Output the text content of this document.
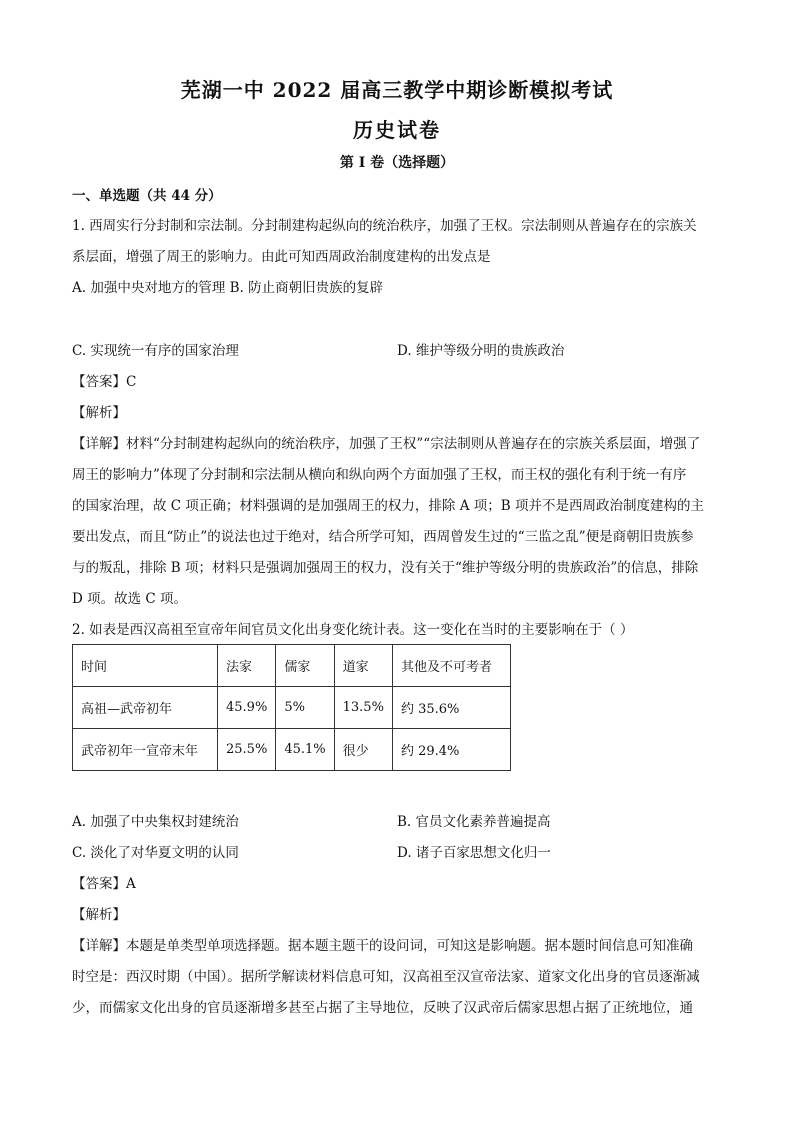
芜湖一中 2022 届高三教学中期诊断模拟考试
历史试卷
第 I 卷（选择题）
一、单选题（共 44 分）
1. 西周实行分封制和宗法制。分封制建构起纵向的统治秩序，加强了王权。宗法制则从普遍存在的宗族关
系层面，增强了周王的影响力。由此可知西周政治制度建构的出发点是
A. 加强中央对地方的管理 B. 防止商朝旧贵族的复辟
C. 实现统一有序的国家治理	D. 维护等级分明的贵族政治
【答案】C
【解析】
【详解】材料“分封制建构起纵向的统治秩序，加强了王权”“宗法制则从普遍存在的宗族关系层面，增强了
周王的影响力”体现了分封制和宗法制从横向和纵向两个方面加强了王权，而王权的强化有利于统一有序
的国家治理，故 C 项正确；材料强调的是加强周王的权力，排除 A 项；B 项并不是西周政治制度建构的主
要出发点，而且“防止”的说法也过于绝对，结合所学可知，西周曾发生过的“三监之乱”便是商朝旧贵族参
与的叛乱，排除 B 项；材料只是强调加强周王的权力，没有关于“维护等级分明的贵族政治”的信息，排除
D 项。故选 C 项。
2. 如表是西汉高祖至宣帝年间官员文化出身变化统计表。这一变化在当时的主要影响在于（ ）
时间	法家	儒家	道家	其他及不可考者
高祖—武帝初年	45.9%	5%	13.5%	约 35.6%
武帝初年一宣帝末年	25.5%	45.1%	很少	约 29.4%
A. 加强了中央集权封建统治	B. 官员文化素养普遍提高
C. 淡化了对华夏文明的认同	D. 诸子百家思想文化归一
【答案】A
【解析】
【详解】本题是单类型单项选择题。据本题主题干的设问词，可知这是影响题。据本题时间信息可知准确
时空是：西汉时期（中国）。据所学解读材料信息可知，汉高祖至汉宣帝法家、道家文化出身的官员逐渐减
少，而儒家文化出身的官员逐渐增多甚至占据了主导地位，反映了汉武帝后儒家思想占据了正统地位，通
